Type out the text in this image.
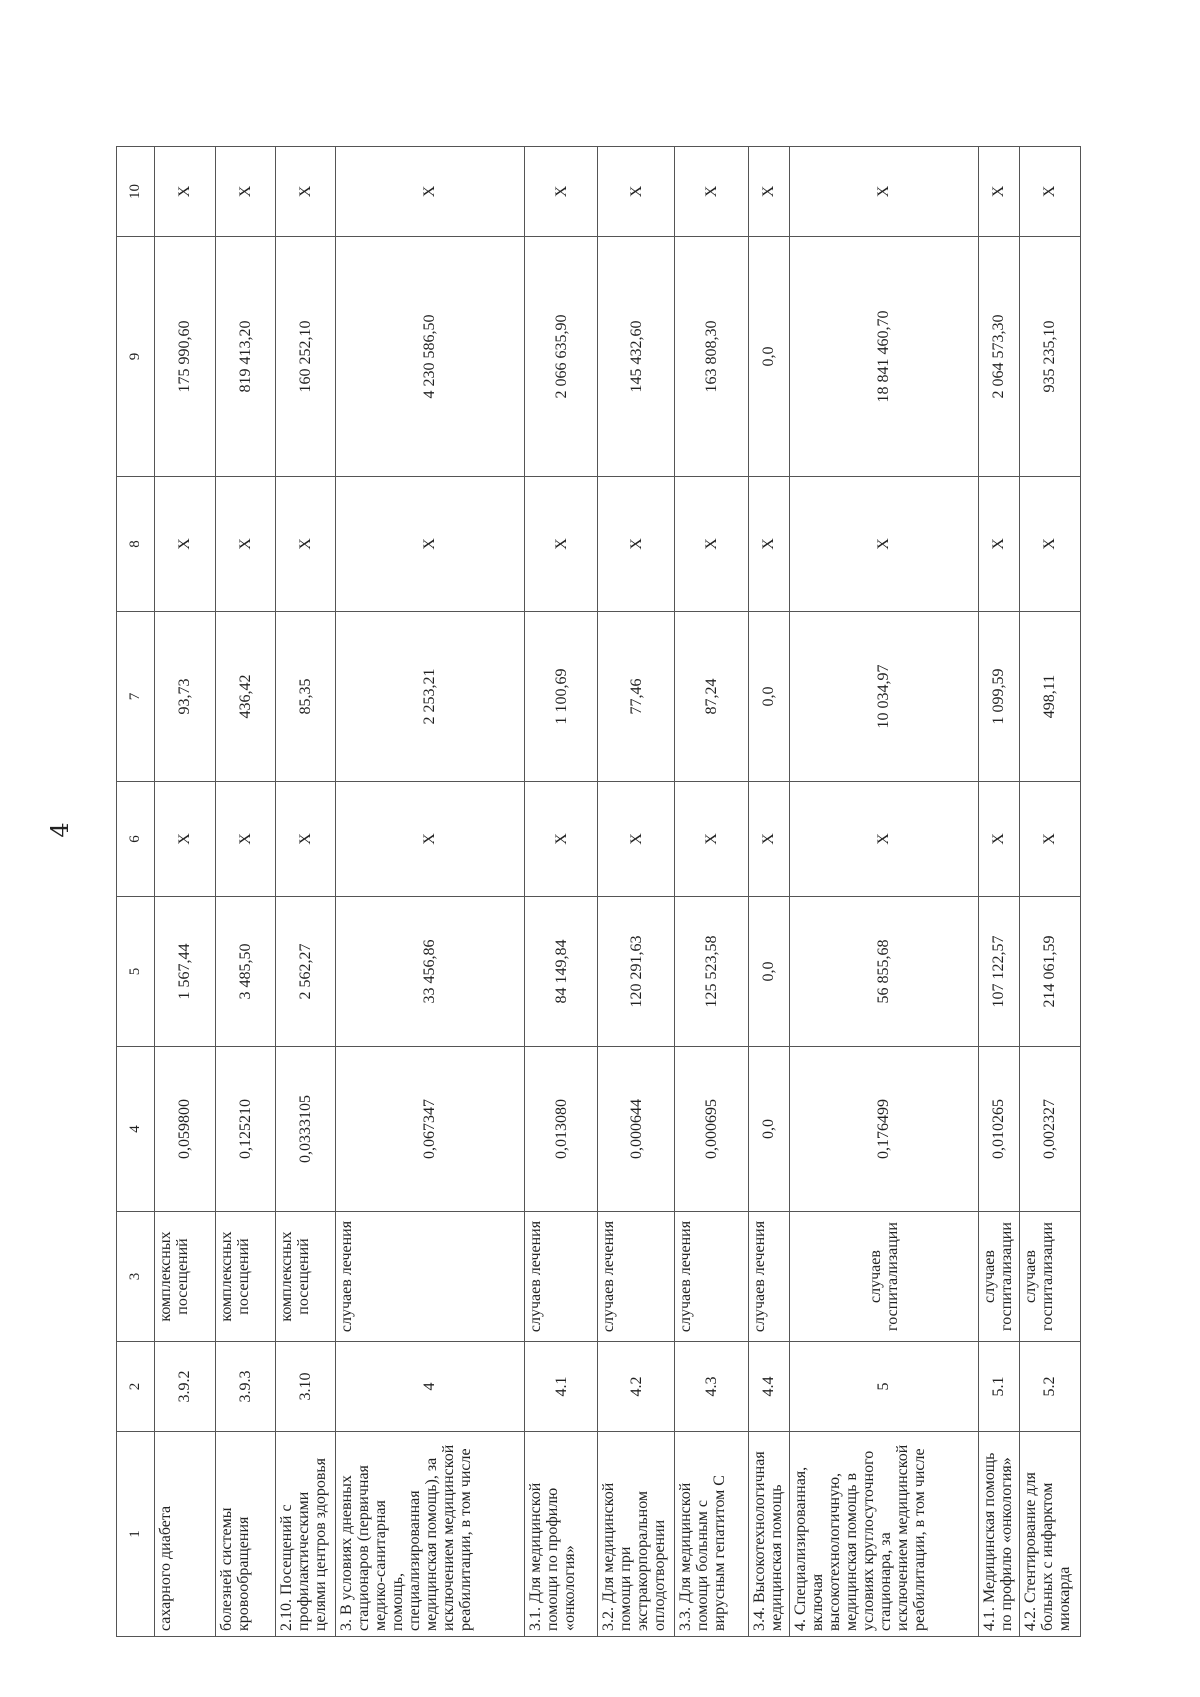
4
1	2	3	4	5	6	7	8	9	10
сахарного диабета	3.9.2	комплексных посещений	0,059800	1 567,44	X	93,73	X	175 990,60	X
болезней системы кровообращения	3.9.3	комплексных посещений	0,125210	3 485,50	X	436,42	X	819 413,20	X
2.10. Посещений с профилактическими целями центров здоровья	3.10	комплексных посещений	0,0333105	2 562,27	X	85,35	X	160 252,10	X
3. В условиях дневных стационаров (первичная медико-санитарная помощь, специализированная медицинская помощь), за исключением медицинской реабилитации, в том числе	4	случаев лечения	0,067347	33 456,86	X	2 253,21	X	4 230 586,50	X
3.1. Для медицинской помощи по профилю «онкология»	4.1	случаев лечения	0,013080	84 149,84	X	1 100,69	X	2 066 635,90	X
3.2. Для медицинской помощи при экстракорпоральном оплодотворении	4.2	случаев лечения	0,000644	120 291,63	X	77,46	X	145 432,60	X
3.3. Для медицинской помощи больным с вирусным гепатитом С	4.3	случаев лечения	0,000695	125 523,58	X	87,24	X	163 808,30	X
3.4. Высокотехнологичная медицинская помощь	4.4	случаев лечения	0,0	0,0	X	0,0	X	0,0	X
4. Специализированная, включая высокотехнологичную, медицинская помощь в условиях круглосуточного стационара, за исключением медицинской реабилитации, в том числе	5	случаев госпитализации	0,176499	56 855,68	X	10 034,97	X	18 841 460,70	X
4.1. Медицинская помощь по профилю «онкология»	5.1	случаев госпитализации	0,010265	107 122,57	X	1 099,59	X	2 064 573,30	X
4.2. Стентирование для больных с инфарктом миокарда	5.2	случаев госпитализации	0,002327	214 061,59	X	498,11	X	935 235,10	X
